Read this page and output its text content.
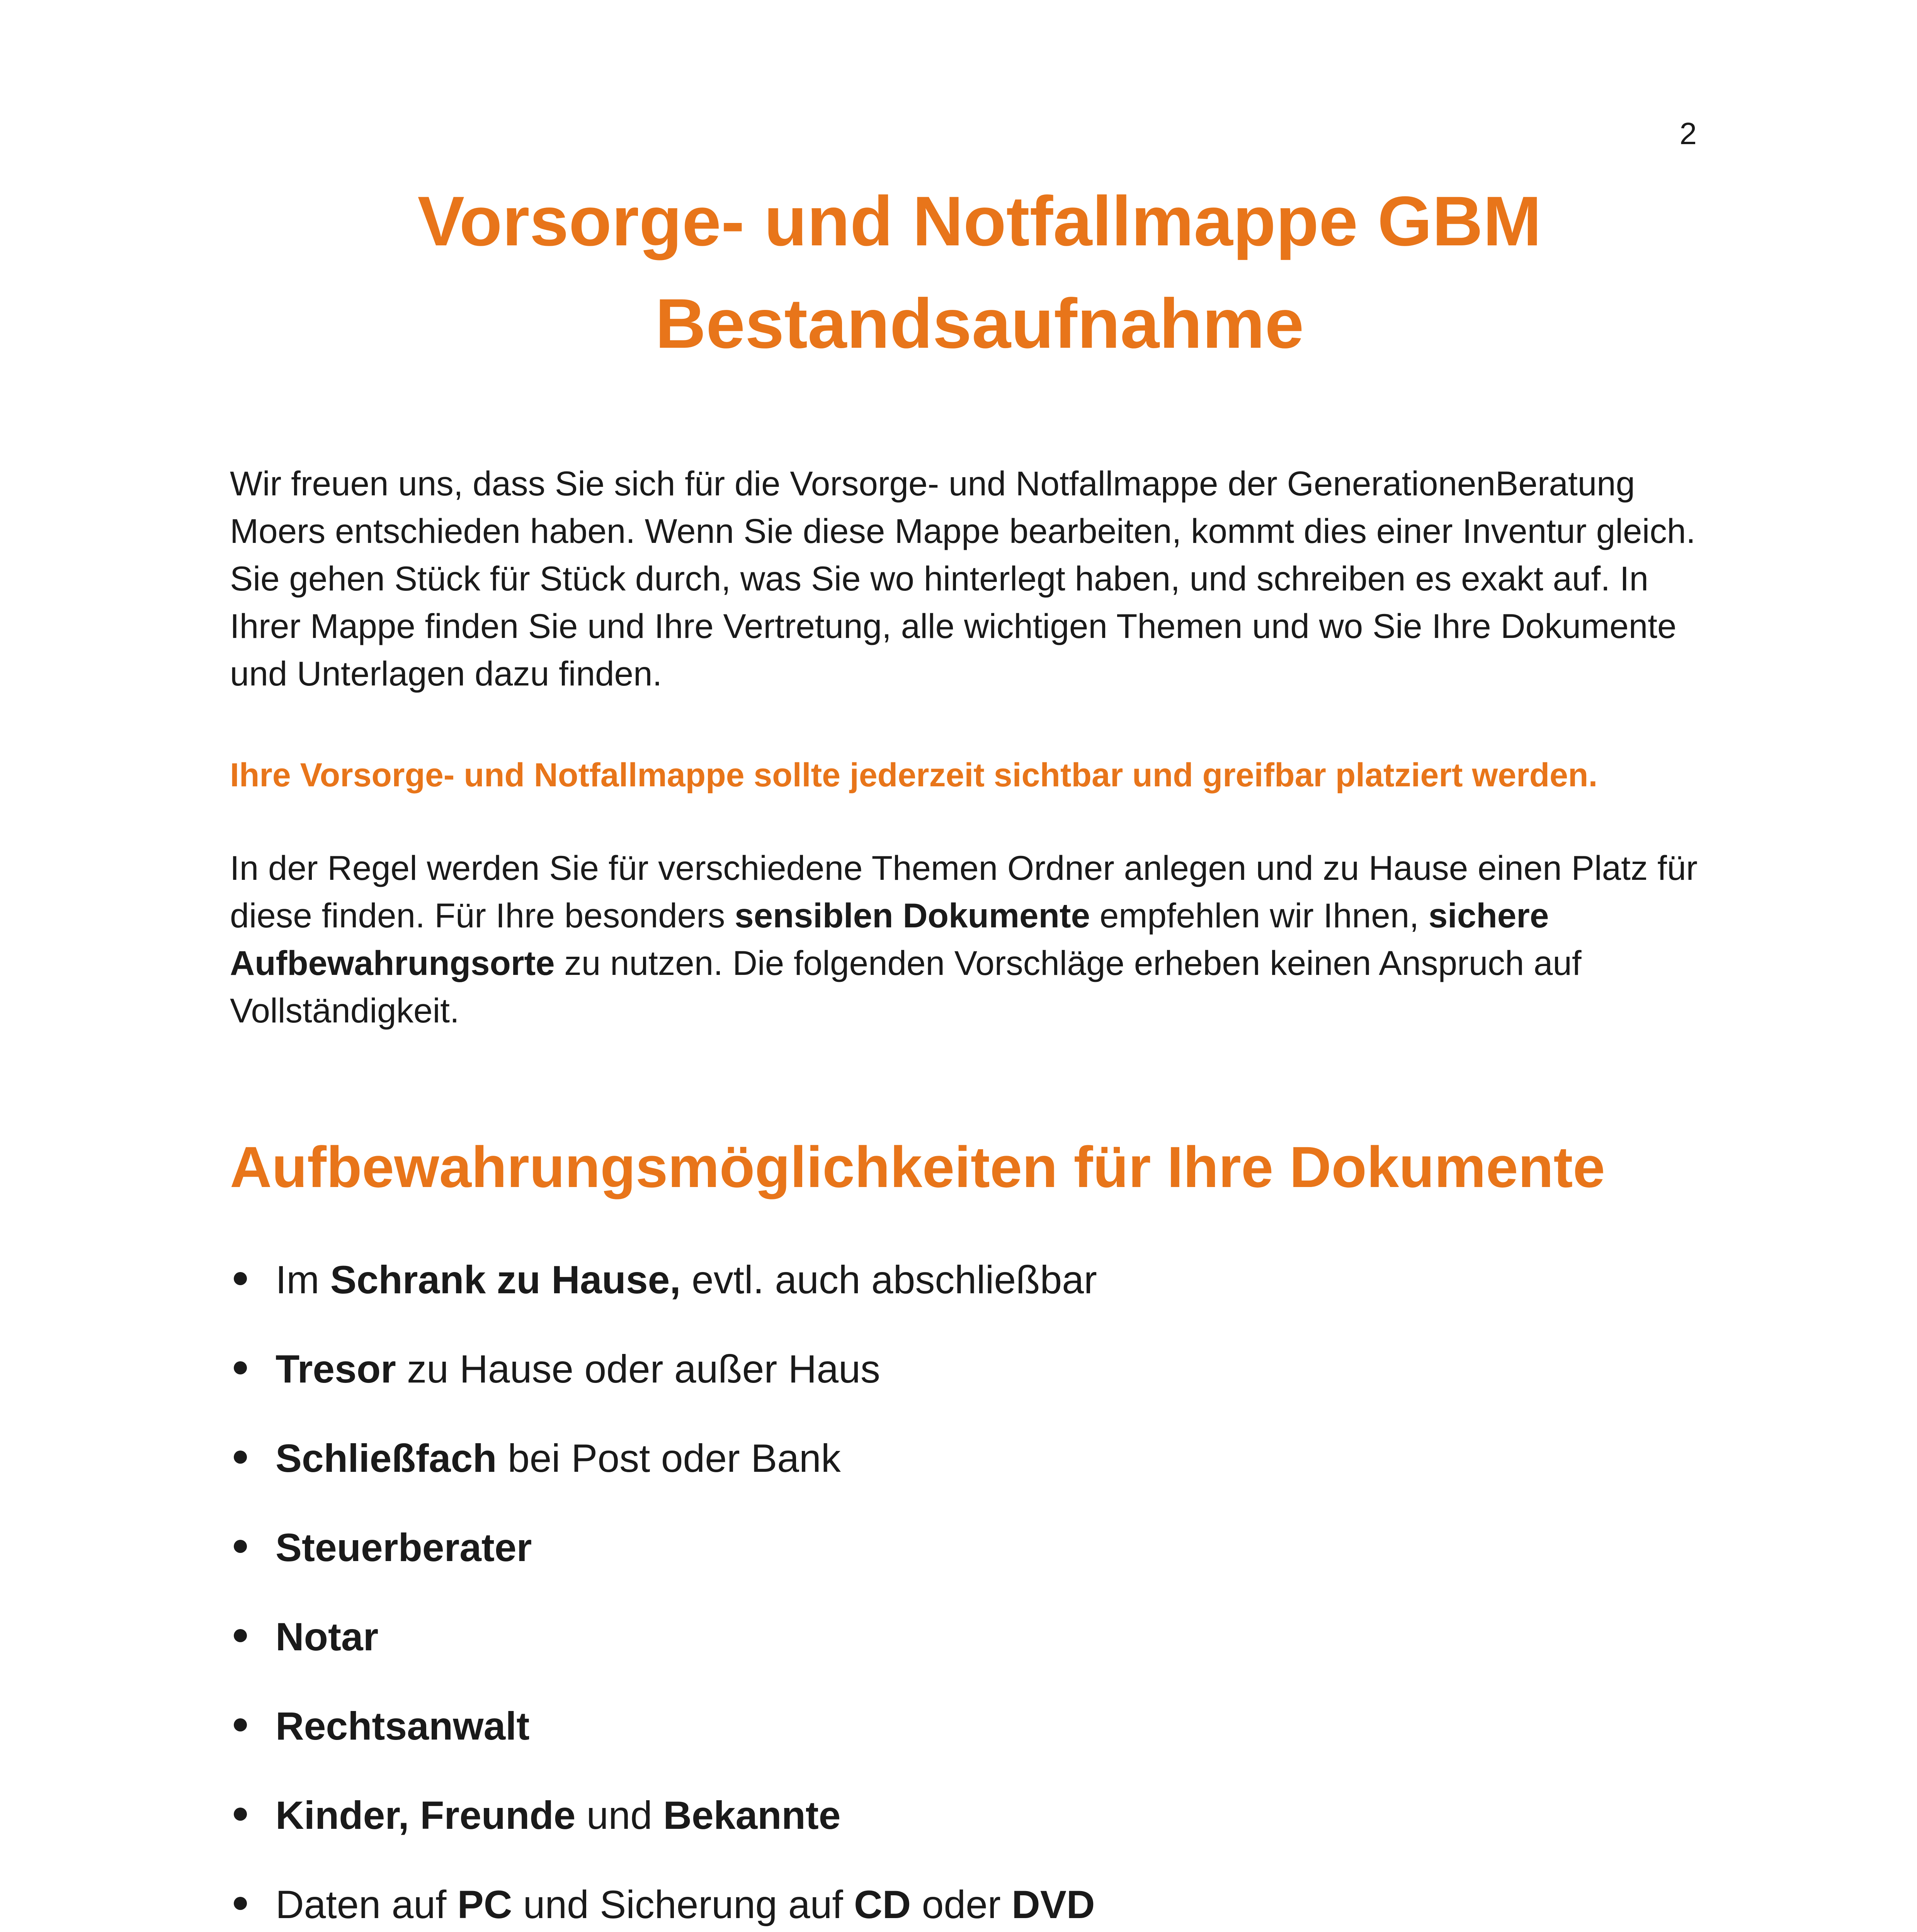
2
Vorsorge- und Notfallmappe GBM
Bestandsaufnahme
Wir freuen uns, dass Sie sich für die Vorsorge- und Notfallmappe der GenerationenBeratung Moers entschieden haben. Wenn Sie diese Mappe bearbeiten, kommt dies einer Inventur gleich. Sie gehen Stück für Stück durch, was Sie wo hinterlegt haben, und schreiben es exakt auf. In Ihrer Mappe finden Sie und Ihre Vertretung, alle wichtigen Themen und wo Sie Ihre Dokumente und Unterlagen dazu finden.
Ihre Vorsorge- und Notfallmappe sollte jederzeit sichtbar und greifbar platziert werden.
In der Regel werden Sie für verschiedene Themen Ordner anlegen und zu Hause einen Platz für diese finden. Für Ihre besonders sensiblen Dokumente empfehlen wir Ihnen, sichere Aufbewahrungsorte zu nutzen. Die folgenden Vorschläge erheben keinen Anspruch auf Vollständigkeit.
Aufbewahrungsmöglichkeiten für Ihre Dokumente
Im Schrank zu Hause, evtl. auch abschließbar
Tresor zu Hause oder außer Haus
Schließfach bei Post oder Bank
Steuerberater
Notar
Rechtsanwalt
Kinder, Freunde und Bekannte
Daten auf PC und Sicherung auf CD oder DVD
